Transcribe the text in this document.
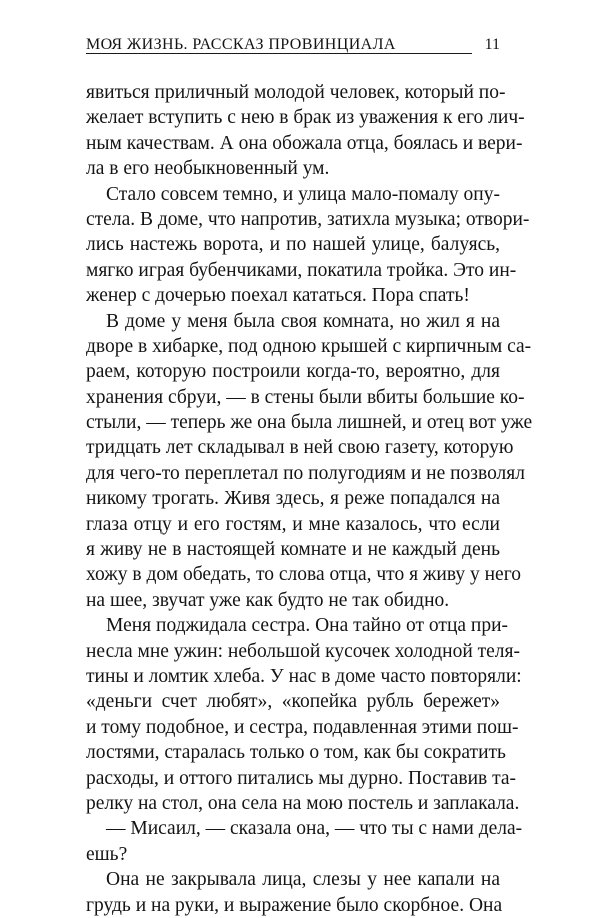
МОЯ ЖИЗНЬ. РАССКАЗ ПРОВИНЦИАЛА	11
явиться приличный молодой человек, который по-
желает вступить с нею в брак из уважения к его лич-
ным качествам. А она обожала отца, боялась и вери-
ла в его необыкновенный ум.
Стало совсем темно, и улица мало-помалу опу-
стела. В доме, что напротив, затихла музыка; отвори-
лись настежь ворота, и по нашей улице, балуясь,
мягко играя бубенчиками, покатила тройка. Это ин-
женер с дочерью поехал кататься. Пора спать!
В доме у меня была своя комната, но жил я на
дворе в хибарке, под одною крышей с кирпичным са-
раем, которую построили когда-то, вероятно, для
хранения сбруи, — в стены были вбиты большие ко-
стыли, — теперь же она была лишней, и отец вот уже
тридцать лет складывал в ней свою газету, которую
для чего-то переплетал по полугодиям и не позволял
никому трогать. Живя здесь, я реже попадался на
глаза отцу и его гостям, и мне казалось, что если
я живу не в настоящей комнате и не каждый день
хожу в дом обедать, то слова отца, что я живу у него
на шее, звучат уже как будто не так обидно.
Меня поджидала сестра. Она тайно от отца при-
несла мне ужин: небольшой кусочек холодной теля-
тины и ломтик хлеба. У нас в доме часто повторяли:
«деньги счет любят», «копейка рубль бережет»
и тому подобное, и сестра, подавленная этими пош-
лостями, старалась только о том, как бы сократить
расходы, и оттого питались мы дурно. Поставив та-
релку на стол, она села на мою постель и заплакала.
— Мисаил, — сказала она, — что ты с нами дела-
ешь?
Она не закрывала лица, слезы у нее капали на
грудь и на руки, и выражение было скорбное. Она
